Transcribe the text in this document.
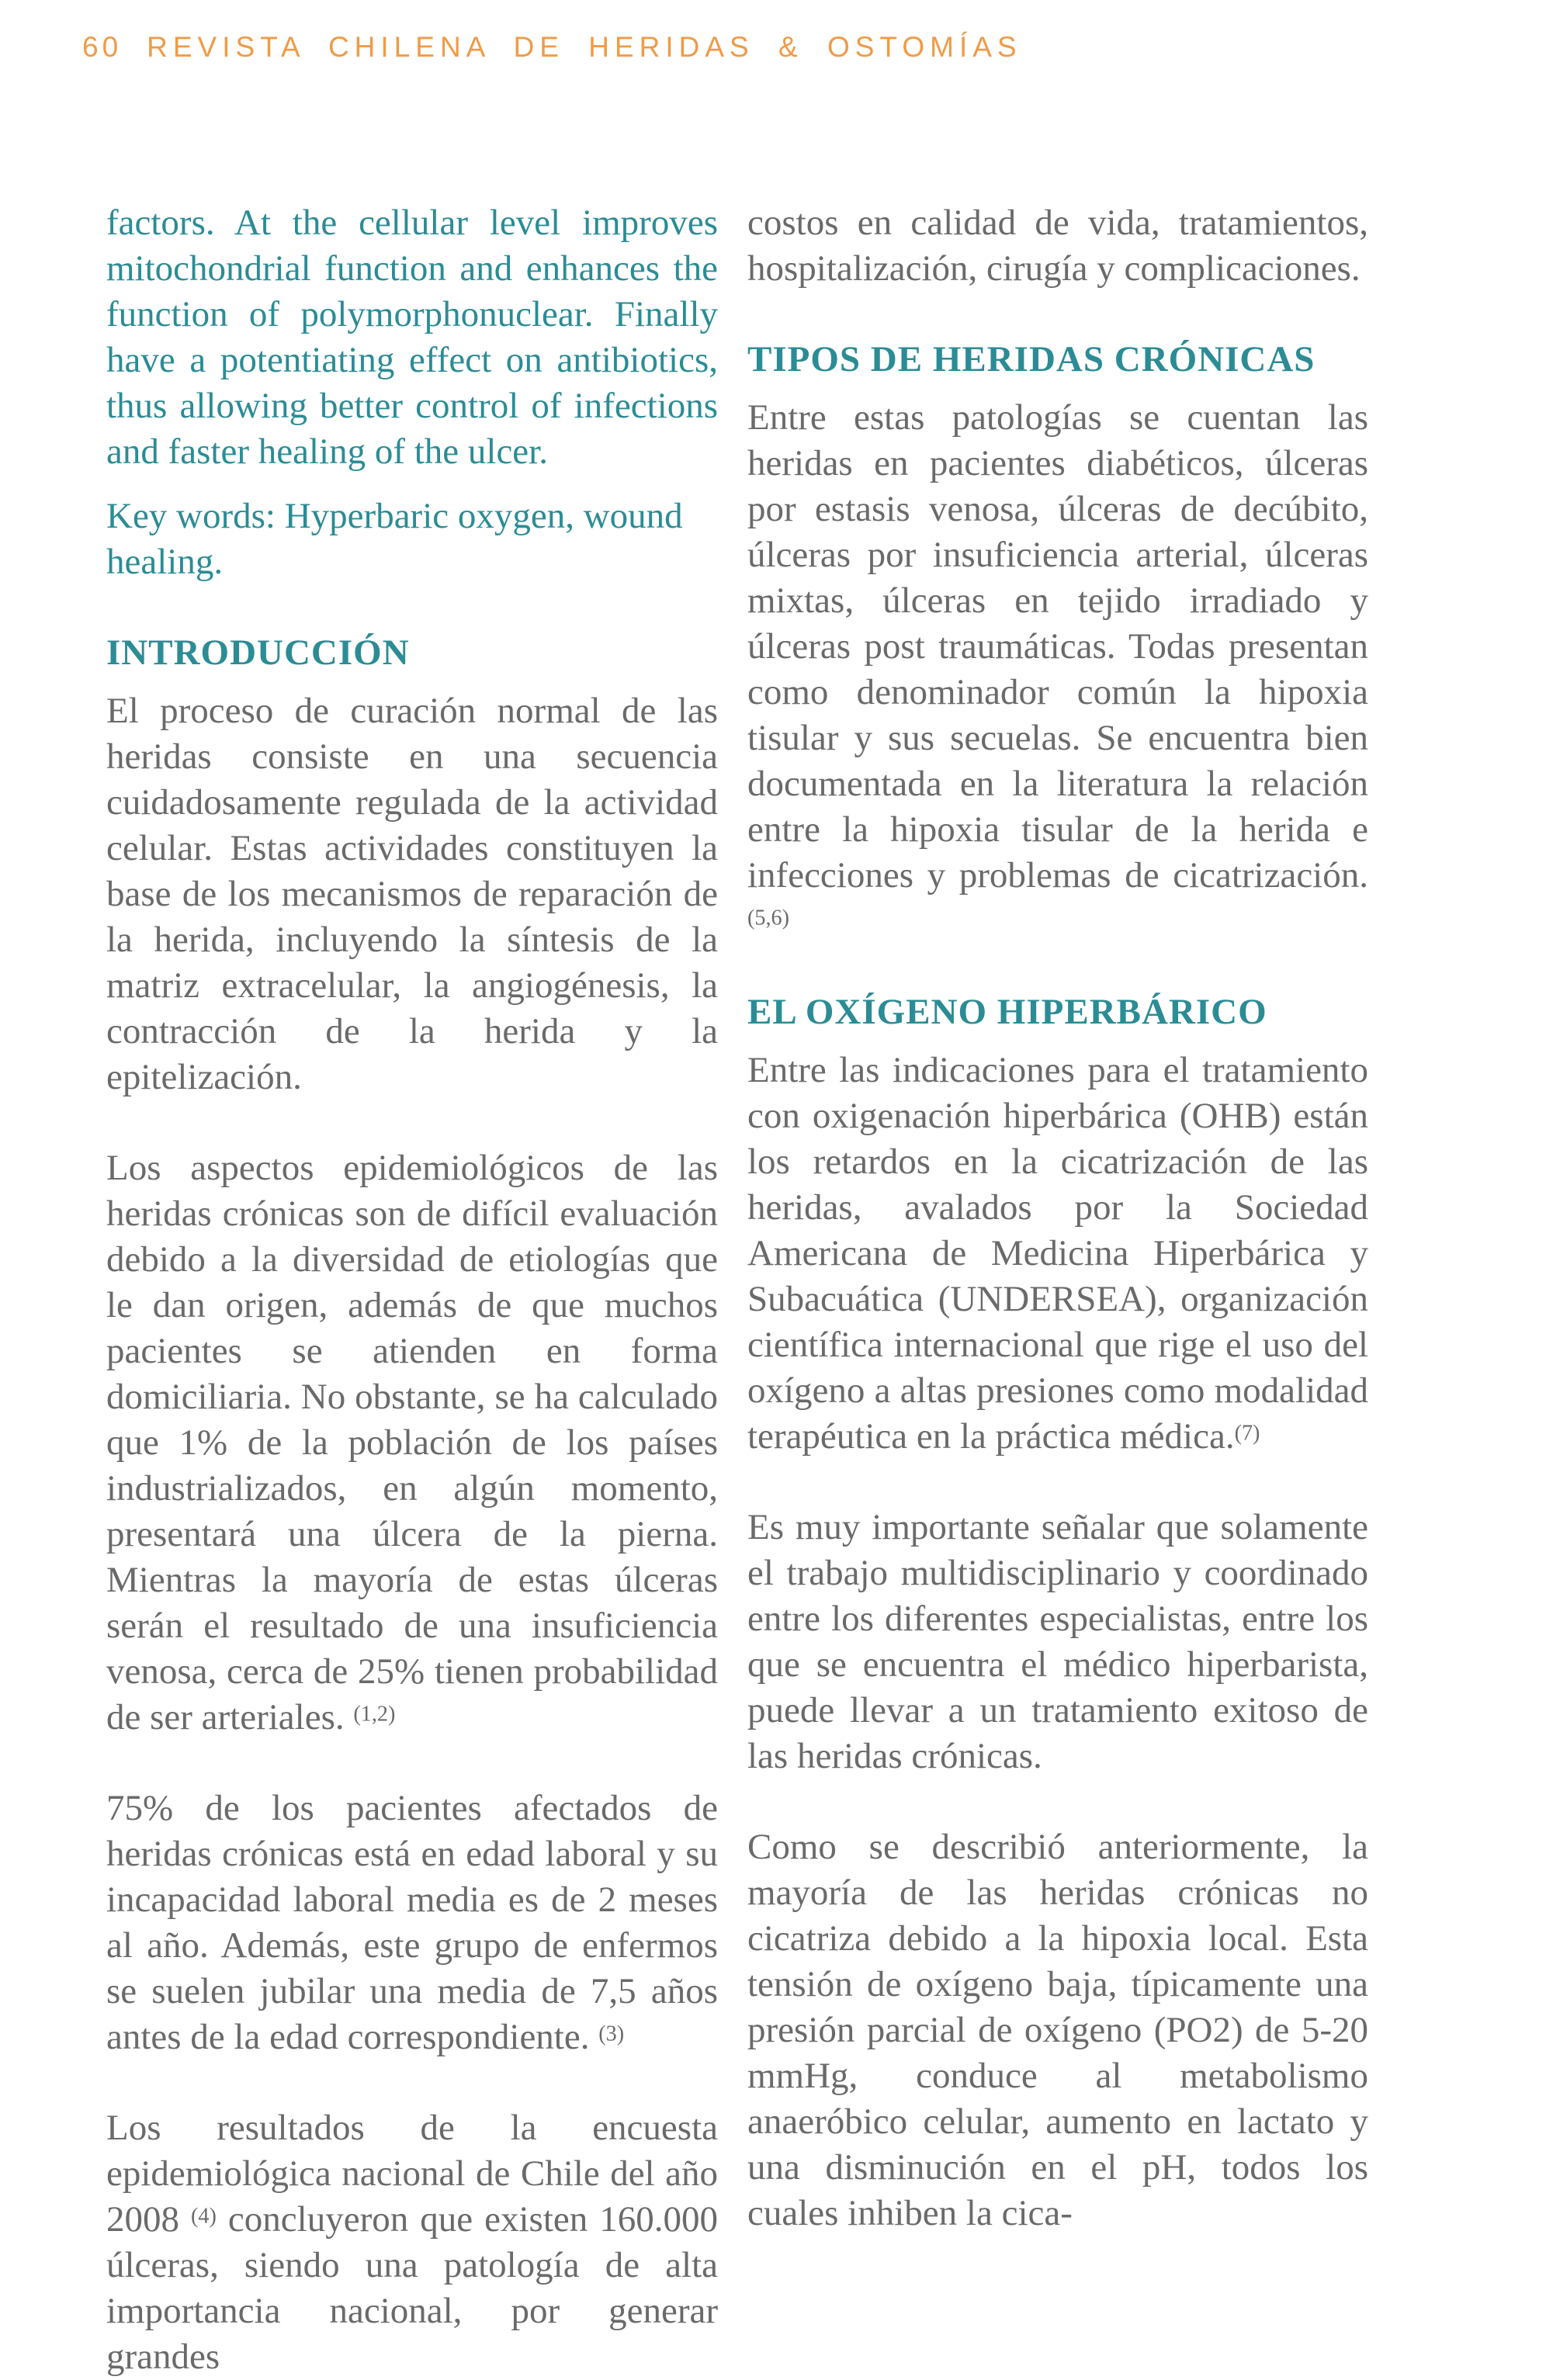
60 REVISTA CHILENA DE HERIDAS & OSTOMÍAS

factors. At the cellular level improves mitochondrial function and enhances the function of polymorphonuclear. Finally have a potentiating effect on antibiotics, thus allowing better control of infections and faster healing of the ulcer.

Key words: Hyperbaric oxygen, wound healing.

INTRODUCCIÓN

El proceso de curación normal de las heridas consiste en una secuencia cuidadosamente regulada de la actividad celular. Estas actividades constituyen la base de los mecanismos de reparación de la herida, incluyendo la síntesis de la matriz extracelular, la angiogénesis, la contracción de la herida y la epitelización.

Los aspectos epidemiológicos de las heridas crónicas son de difícil evaluación debido a la diversidad de etiologías que le dan origen, además de que muchos pacientes se atienden en forma domiciliaria. No obstante, se ha calculado que 1% de la población de los países industrializados, en algún momento, presentará una úlcera de la pierna. Mientras la mayoría de estas úlceras serán el resultado de una insuficiencia venosa, cerca de 25% tienen probabilidad de ser arteriales. $^{(1,2)}$

75% de los pacientes afectados de heridas crónicas está en edad laboral y su incapacidad laboral media es de 2 meses al año. Además, este grupo de enfermos se suelen jubilar una media de 7,5 años antes de la edad correspondiente. $^{(3)}$

Los resultados de la encuesta epidemiológica nacional de Chile del año 2008 $^{(4)}$ concluyeron que existen 160.000 úlceras, siendo una patología de alta importancia nacional, por generar grandes

costos en calidad de vida, tratamientos, hospitalización, cirugía y complicaciones.

TIPOS DE HERIDAS CRÓNICAS

Entre estas patologías se cuentan las heridas en pacientes diabéticos, úlceras por estasis venosa, úlceras de decúbito, úlceras por insuficiencia arterial, úlceras mixtas, úlceras en tejido irradiado y úlceras post traumáticas. Todas presentan como denominador común la hipoxia tisular y sus secuelas. Se encuentra bien documentada en la literatura la relación entre la hipoxia tisular de la herida e infecciones y problemas de cicatrización.$^{(5,6)}$

EL OXÍGENO HIPERBÁRICO

Entre las indicaciones para el tratamiento con oxigenación hiperbárica (OHB) están los retardos en la cicatrización de las heridas, avalados por la Sociedad Americana de Medicina Hiperbárica y Subacuática (UNDERSEA), organización científica internacional que rige el uso del oxígeno a altas presiones como modalidad terapéutica en la práctica médica.$^{(7)}$

Es muy importante señalar que solamente el trabajo multidisciplinario y coordinado entre los diferentes especialistas, entre los que se encuentra el médico hiperbarista, puede llevar a un tratamiento exitoso de las heridas crónicas.

Como se describió anteriormente, la mayoría de las heridas crónicas no cicatriza debido a la hipoxia local. Esta tensión de oxígeno baja, típicamente una presión parcial de oxígeno (PO2) de 5-20 mmHg, conduce al metabolismo anaeróbico celular, aumento en lactato y una disminución en el pH, todos los cuales inhiben la cica-
